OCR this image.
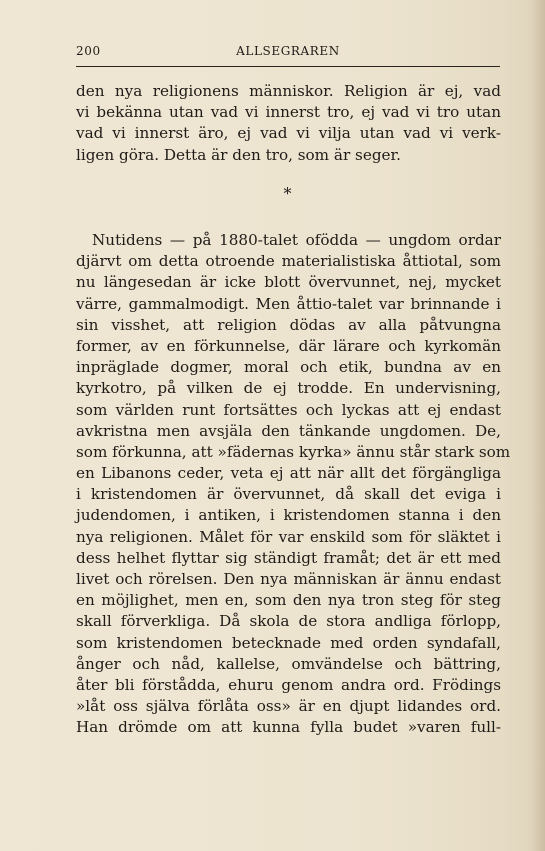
200	ALLSEGRAREN
den nya religionens människor. Religion är ej, vad
vi bekänna utan vad vi innerst tro, ej vad vi tro utan
vad vi innerst äro, ej vad vi vilja utan vad vi verk-
ligen göra. Detta är den tro, som är seger.
*
Nutidens — på 1880-talet ofödda — ungdom ordar
djärvt om detta otroende materialistiska åttiotal, som
nu längesedan är icke blott övervunnet, nej, mycket
värre, gammalmodigt. Men åttio-talet var brinnande i
sin visshet, att religion dödas av alla påtvungna
former, av en förkunnelse, där lärare och kyrkomän
inpräglade dogmer, moral och etik, bundna av en
kyrkotro, på vilken de ej trodde. En undervisning,
som världen runt fortsättes och lyckas att ej endast
avkristna men avsjäla den tänkande ungdomen. De,
som förkunna, att »fädernas kyrka» ännu står stark som
en Libanons ceder, veta ej att när allt det förgängliga
i kristendomen är övervunnet, då skall det eviga i
judendomen, i antiken, i kristendomen stanna i den
nya religionen. Målet för var enskild som för släktet i
dess helhet flyttar sig ständigt framåt; det är ett med
livet och rörelsen. Den nya människan är ännu endast
en möjlighet, men en, som den nya tron steg för steg
skall förverkliga. Då skola de stora andliga förlopp,
som kristendomen betecknade med orden syndafall,
ånger och nåd, kallelse, omvändelse och bättring,
åter bli förstådda, ehuru genom andra ord. Frödings
»låt oss själva förlåta oss» är en djupt lidandes ord.
Han drömde om att kunna fylla budet »varen full-
